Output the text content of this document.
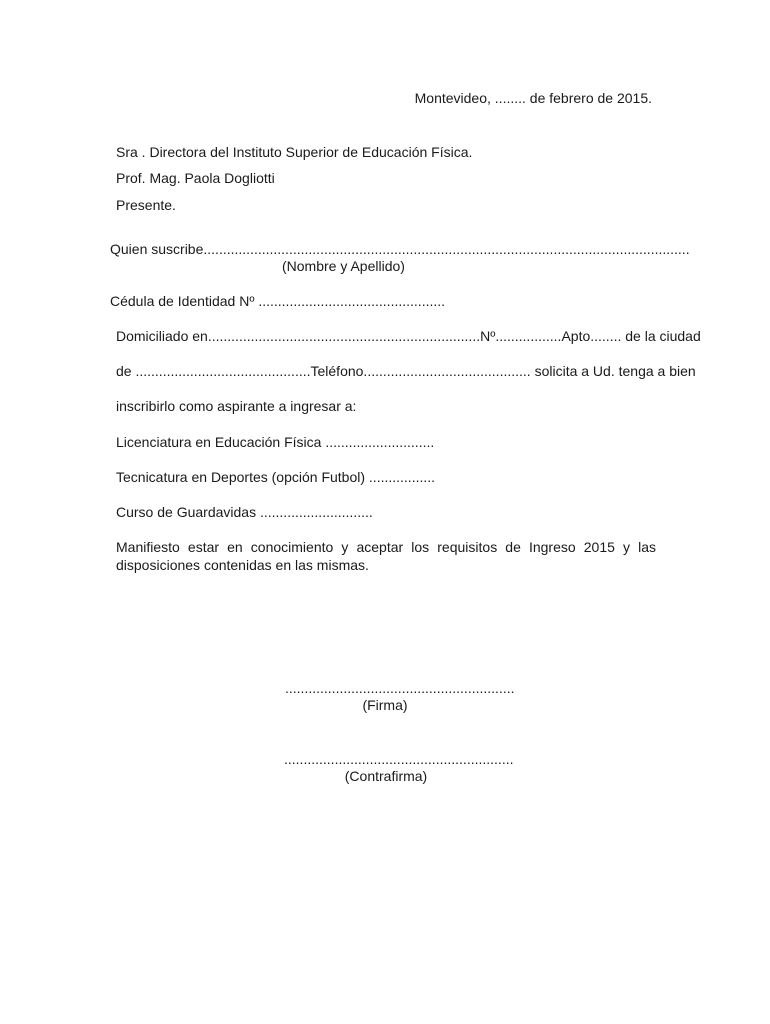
Montevideo, ........ de febrero de 2015.
Sra . Directora del Instituto Superior de Educación Física.
Prof. Mag. Paola Dogliotti
Presente.
Quien suscribe.............................................................................................................................
(Nombre y Apellido)
Cédula de Identidad Nº ................................................
Domiciliado en......................................................................Nº.................Apto........ de la ciudad
de .............................................Teléfono........................................... solicita a Ud. tenga a bien
inscribirlo como aspirante a ingresar a:
Licenciatura en Educación Física ............................
Tecnicatura en Deportes (opción Futbol) .................
Curso de Guardavidas .............................
Manifiesto estar en conocimiento y aceptar los requisitos de Ingreso 2015 y las disposiciones contenidas en las mismas.
...........................................................
(Firma)
...........................................................
(Contrafirma)
